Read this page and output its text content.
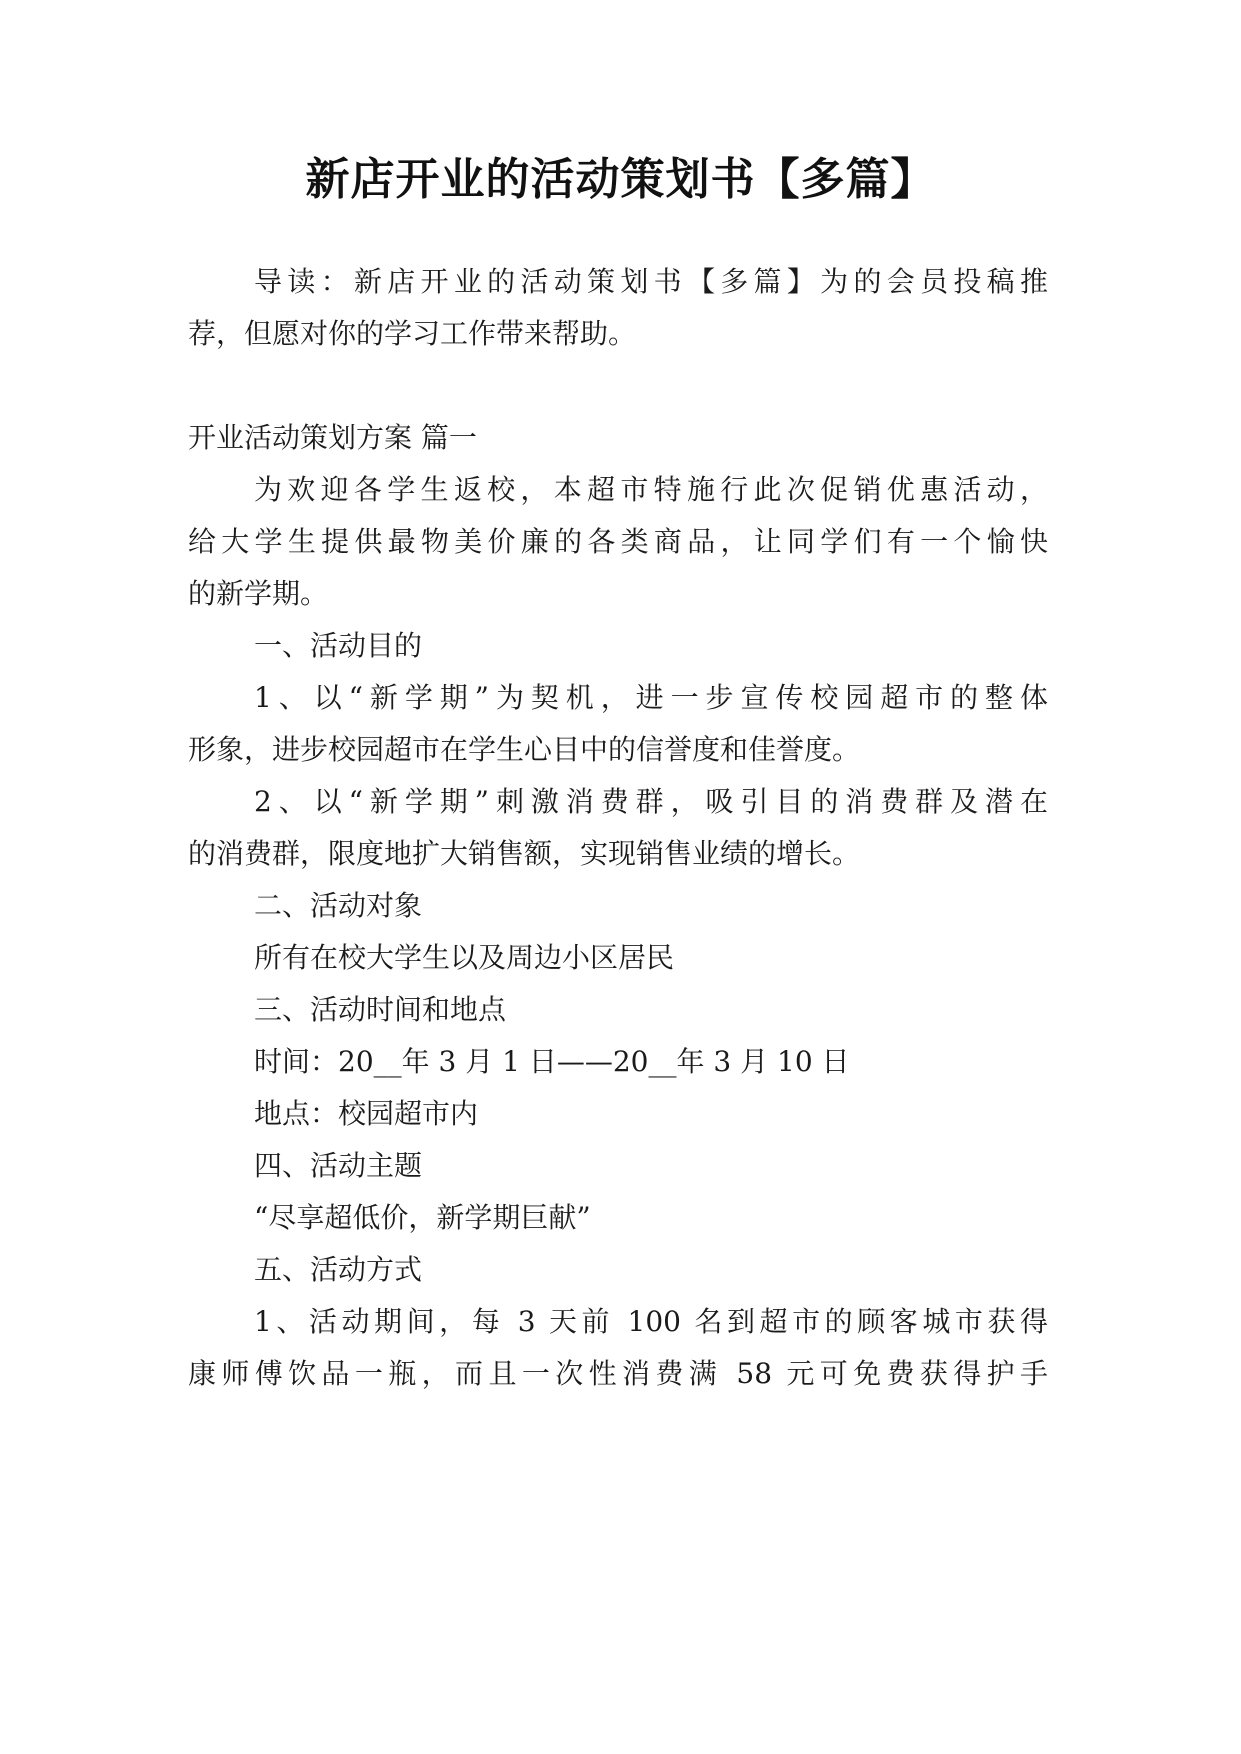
新店开业的活动策划书【多篇】
导读：新店开业的活动策划书【多篇】为的会员投稿推
荐，但愿对你的学习工作带来帮助。
开业活动策划方案 篇一
为欢迎各学生返校，本超市特施行此次促销优惠活动，
给大学生提供最物美价廉的各类商品，让同学们有一个愉快
的新学期。
一、活动目的
1、以“新学期”为契机，进一步宣传校园超市的整体
形象，进步校园超市在学生心目中的信誉度和佳誉度。
2、以“新学期”刺激消费群，吸引目的消费群及潜在
的消费群，限度地扩大销售额，实现销售业绩的增长。
二、活动对象
所有在校大学生以及周边小区居民
三、活动时间和地点
时间：20__年 3 月 1 日——20__年 3 月 10 日
地点：校园超市内
四、活动主题
“尽享超低价，新学期巨献”
五、活动方式
1、活动期间，每 3 天前 100 名到超市的顾客城市获得
康师傅饮品一瓶，而且一次性消费满 58 元可免费获得护手
